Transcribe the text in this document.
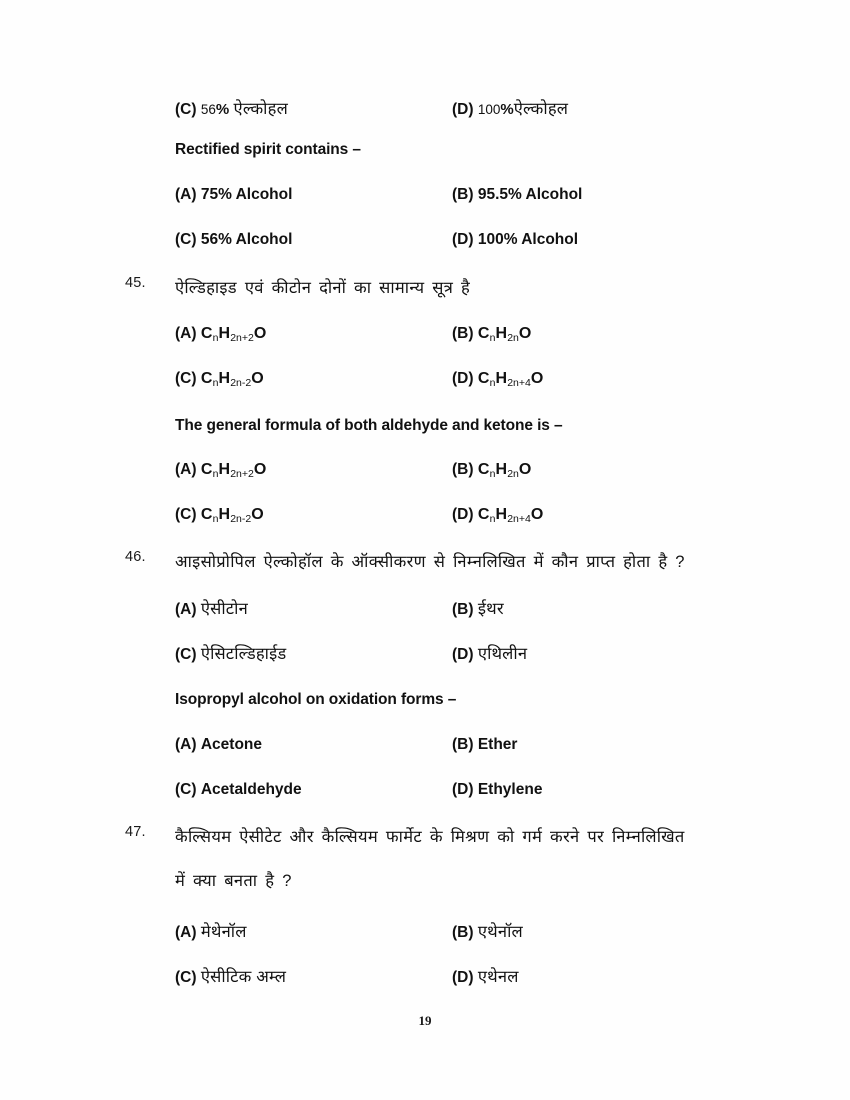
(C) 56% ऐल्कोहल	(D) 100%ऐल्कोहल
Rectified spirit contains –
(A) 75% Alcohol	(B) 95.5% Alcohol
(C) 56% Alcohol	(D) 100% Alcohol
45.	ऐल्डिहाइड एवं कीटोन दोनों का सामान्य सूत्र है
(A) $C_nH_{2n+2}O$	(B) $C_nH_{2n}O$
(C) $C_nH_{2n-2}O$	(D) $C_nH_{2n+4}O$
The general formula of both aldehyde and ketone is –
(A) $C_nH_{2n+2}O$	(B) $C_nH_{2n}O$
(C) $C_nH_{2n-2}O$	(D) $C_nH_{2n+4}O$
46.	आइसोप्रोपिल ऐल्कोहॉल के ऑक्सीकरण से निम्नलिखित में कौन प्राप्त होता है ?
(A) ऐसीटोन	(B) ईथर
(C) ऐसिटल्डिहाईड	(D) एथिलीन
Isopropyl alcohol on oxidation forms –
(A) Acetone	(B) Ether
(C) Acetaldehyde	(D) Ethylene
47.	कैल्सियम ऐसीटेट और कैल्सियम फार्मेट के मिश्रण को गर्म करने पर निम्नलिखित
में क्या बनता है ?
(A) मेथेनॉल	(B) एथेनॉल
(C) ऐसीटिक अम्ल	(D) एथेनल
19
